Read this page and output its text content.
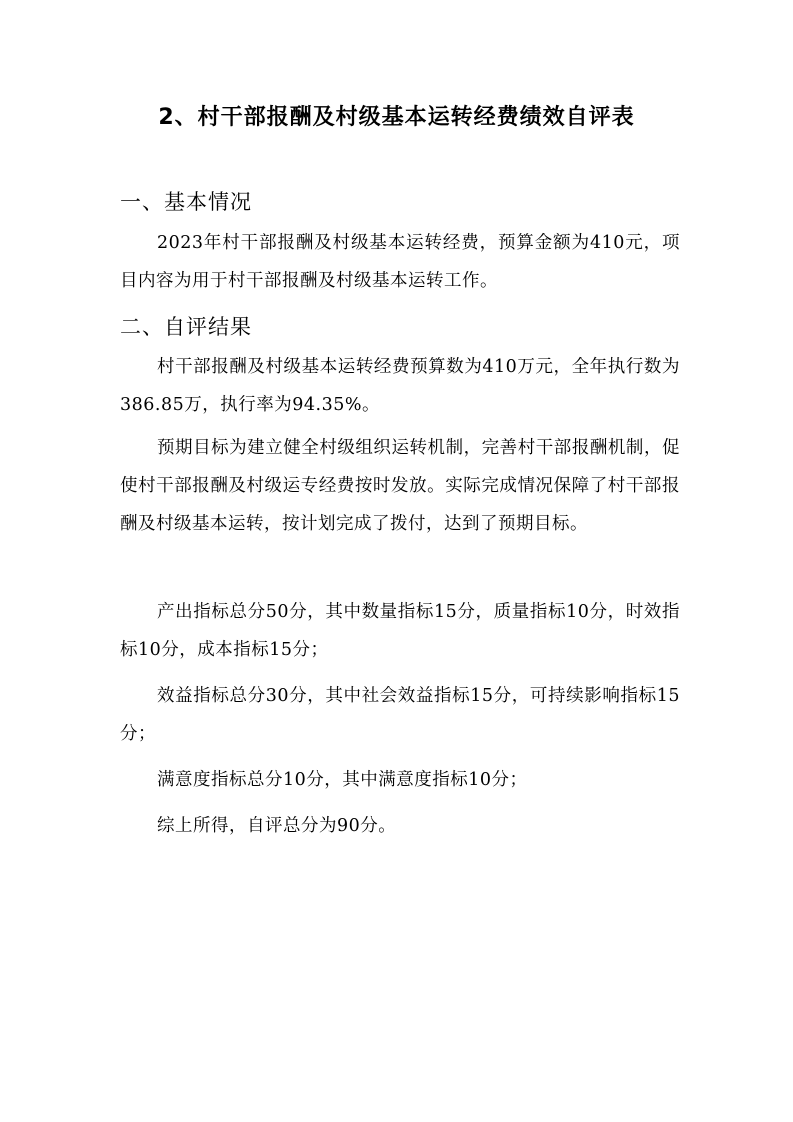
2、村干部报酬及村级基本运转经费绩效自评表
一、基本情况
2023年村干部报酬及村级基本运转经费，预算金额为410元，项目内容为用于村干部报酬及村级基本运转工作。
二、自评结果
村干部报酬及村级基本运转经费预算数为410万元，全年执行数为386.85万，执行率为94.35%。
预期目标为建立健全村级组织运转机制，完善村干部报酬机制，促使村干部报酬及村级运专经费按时发放。实际完成情况保障了村干部报酬及村级基本运转，按计划完成了拨付，达到了预期目标。
产出指标总分50分，其中数量指标15分，质量指标10分，时效指标10分，成本指标15分；
效益指标总分30分，其中社会效益指标15分，可持续影响指标15分；
满意度指标总分10分，其中满意度指标10分；
综上所得，自评总分为90分。
